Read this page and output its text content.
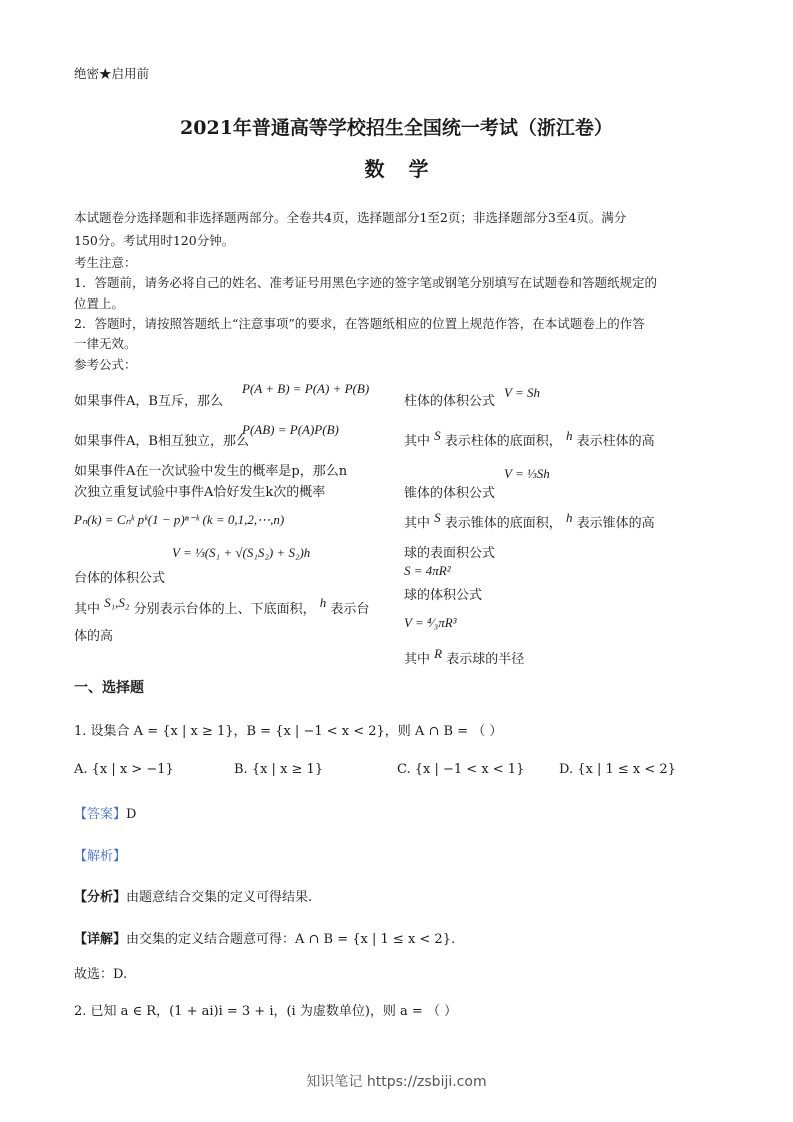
绝密★启用前
2021年普通高等学校招生全国统一考试（浙江卷）
数学
本试题卷分选择题和非选择题两部分。全卷共4页，选择题部分1至2页；非选择题部分3至4页。满分
150分。考试用时120分钟。
考生注意：
1．答题前，请务必将自己的姓名、准考证号用黑色字迹的签字笔或钢笔分别填写在试题卷和答题纸规定的
位置上。
2．答题时，请按照答题纸上“注意事项”的要求，在答题纸相应的位置上规范作答，在本试题卷上的作答
一律无效。
参考公式：
如果事件A，B互斥，那么
P(A + B) = P(A) + P(B)
如果事件A，B相互独立，那么
P(AB) = P(A)P(B)
如果事件A在一次试验中发生的概率是p，那么n
次独立重复试验中事件A恰好发生k次的概率
Pₙ(k) = Cₙᵏ pᵏ(1 − p)ⁿ⁻ᵏ (k = 0,1,2,⋯,n)
V = ⅓(S₁ + √(S₁S₂) + S₂)h
台体的体积公式
其中 S₁,S₂ 分别表示台体的上、下底面积， h 表示台
体的高
柱体的体积公式
V = Sh
其中 S 表示柱体的底面积， h 表示柱体的高
V = ⅓Sh
锥体的体积公式
其中 S 表示锥体的底面积， h 表示锥体的高
球的表面积公式
S = 4πR²
球的体积公式
V = ⁴⁄₃πR³
其中 R 表示球的半径
一、选择题
1. 设集合 A = {x | x ≥ 1}，B = {x | −1 < x < 2}，则 A ∩ B = （ ）
A. {x | x > −1}	B. {x | x ≥ 1}	C. {x | −1 < x < 1}	D. {x | 1 ≤ x < 2}
【答案】D
【解析】
【分析】由题意结合交集的定义可得结果.
【详解】由交集的定义结合题意可得：A ∩ B = {x | 1 ≤ x < 2}.
故选：D.
2. 已知 a ∈ R，(1 + ai)i = 3 + i，(i 为虚数单位)，则 a = （ ）
知识笔记 https://zsbiji.com
